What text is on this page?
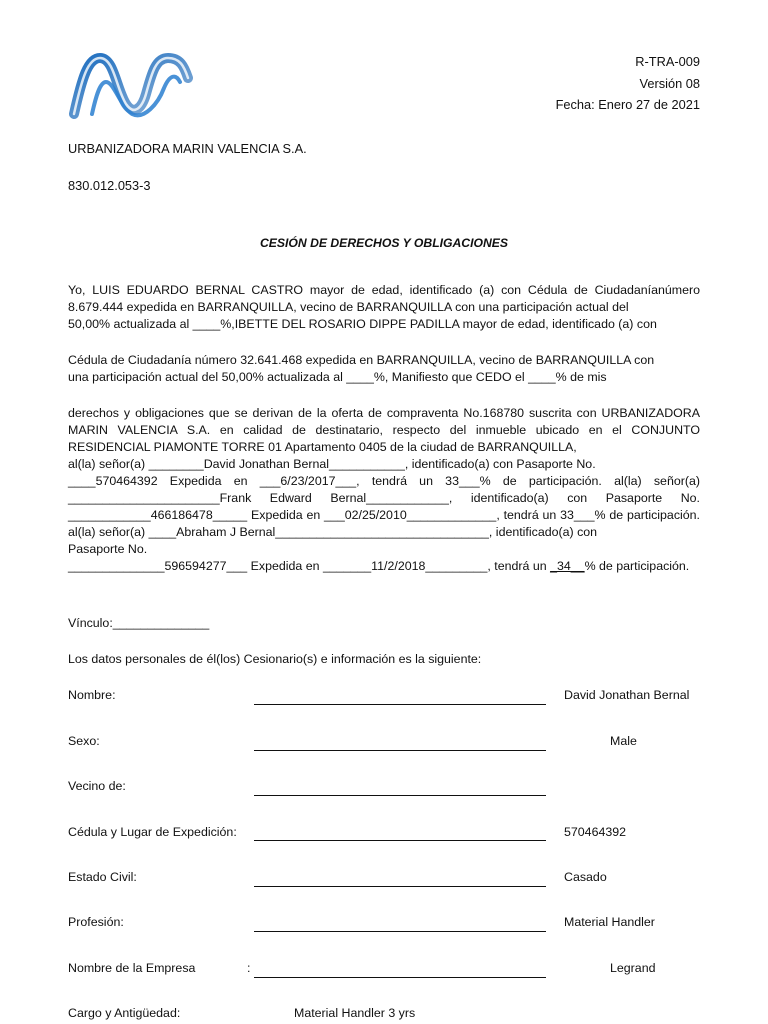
R-TRA-009
Versión 08
Fecha: Enero 27 de 2021
URBANIZADORA MARIN VALENCIA S.A.
830.012.053-3
CESIÓN DE DERECHOS Y OBLIGACIONES
Yo, LUIS EDUARDO BERNAL CASTRO mayor de edad, identificado (a) con Cédula de Ciudadaníanúmero 8.679.444 expedida en BARRANQUILLA, vecino de BARRANQUILLA con una participación actual del
50,00% actualizada al ____%,IBETTE DEL ROSARIO DIPPE PADILLA mayor de edad, identificado (a) con
Cédula de Ciudadanía número 32.641.468 expedida en BARRANQUILLA, vecino de BARRANQUILLA con
una participación actual del 50,00% actualizada al ____%, Manifiesto que CEDO el ____% de mis
derechos y obligaciones que se derivan de la oferta de compraventa No.168780 suscrita con URBANIZADORA MARIN VALENCIA S.A. en calidad de destinatario, respecto del inmueble ubicado en el CONJUNTO RESIDENCIAL PIAMONTE TORRE 01 Apartamento 0405 de la ciudad de BARRANQUILLA,
al(la) señor(a) ________David Jonathan Bernal___________, identificado(a) con Pasaporte No.
____570464392 Expedida en ___6/23/2017___, tendrá un 33___% de participación. al(la) señor(a) ______________________Frank Edward Bernal____________, identificado(a) con Pasaporte No. ____________466186478_____ Expedida en ___02/25/2010_____________, tendrá un 33___% de participación. al(la) señor(a) ____Abraham J Bernal_______________________________, identificado(a) con
Pasaporte No.
______________596594277___ Expedida en _______11/2/2018_________, tendrá un _34__% de participación.
Vínculo:______________
Los datos personales de él(los) Cesionario(s) e información es la siguiente:
Nombre:	David Jonathan Bernal
Sexo:	Male
Vecino de:
Cédula y Lugar de Expedición:	570464392
Estado Civil:	Casado
Profesión:	Material Handler
Nombre de la Empresa	:	Legrand
Cargo y Antigüedad:	Material Handler 3 yrs
